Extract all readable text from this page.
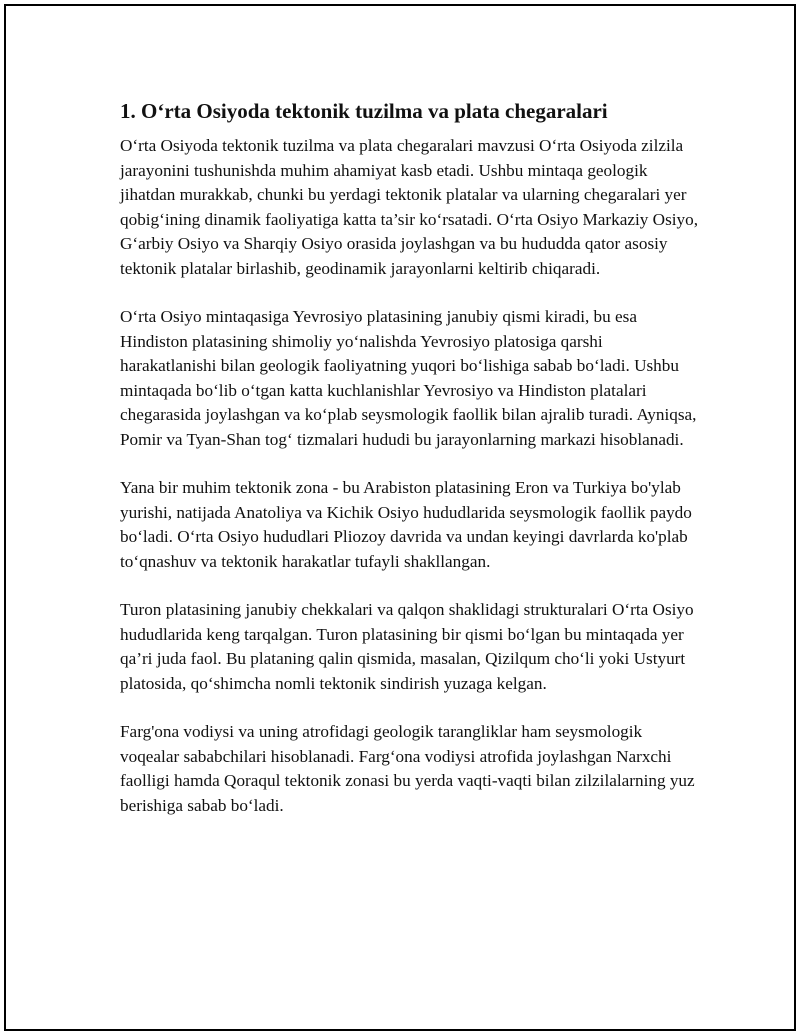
1. O‘rta Osiyoda tektonik tuzilma va plata chegaralari

O‘rta Osiyoda tektonik tuzilma va plata chegaralari mavzusi O‘rta Osiyoda zilzila jarayonini tushunishda muhim ahamiyat kasb etadi. Ushbu mintaqa geologik jihatdan murakkab, chunki bu yerdagi tektonik platalar va ularning chegaralari yer qobig‘ining dinamik faoliyatiga katta ta’sir ko‘rsatadi. O‘rta Osiyo Markaziy Osiyo, G‘arbiy Osiyo va Sharqiy Osiyo orasida joylashgan va bu hududda qator asosiy tektonik platalar birlashib, geodinamik jarayonlarni keltirib chiqaradi.

O‘rta Osiyo mintaqasiga Yevrosiyo platasining janubiy qismi kiradi, bu esa Hindiston platasining shimoliy yo‘nalishda Yevrosiyo platosiga qarshi harakatlanishi bilan geologik faoliyatning yuqori bo‘lishiga sabab bo‘ladi. Ushbu mintaqada bo‘lib o‘tgan katta kuchlanishlar Yevrosiyo va Hindiston platalari chegarasida joylashgan va ko‘plab seysmologik faollik bilan ajralib turadi. Ayniqsa, Pomir va Tyan-Shan tog‘ tizmalari hududi bu jarayonlarning markazi hisoblanadi.

Yana bir muhim tektonik zona - bu Arabiston platasining Eron va Turkiya bo'ylab yurishi, natijada Anatoliya va Kichik Osiyo hududlarida seysmologik faollik paydo bo‘ladi. O‘rta Osiyo hududlari Pliozoy davrida va undan keyingi davrlarda ko'plab to‘qnashuv va tektonik harakatlar tufayli shakllangan.

Turon platasining janubiy chekkalari va qalqon shaklidagi strukturalari O‘rta Osiyo hududlarida keng tarqalgan. Turon platasining bir qismi bo‘lgan bu mintaqada yer qa’ri juda faol. Bu plataning qalin qismida, masalan, Qizilqum cho‘li yoki Ustyurt platosida, qo‘shimcha nomli tektonik sindirish yuzaga kelgan.

Farg'ona vodiysi va uning atrofidagi geologik tarangliklar ham seysmologik voqealar sababchilari hisoblanadi. Farg‘ona vodiysi atrofida joylashgan Narxchi faolligi hamda Qoraqul tektonik zonasi bu yerda vaqti-vaqti bilan zilzilalarning yuz berishiga sabab bo‘ladi.
